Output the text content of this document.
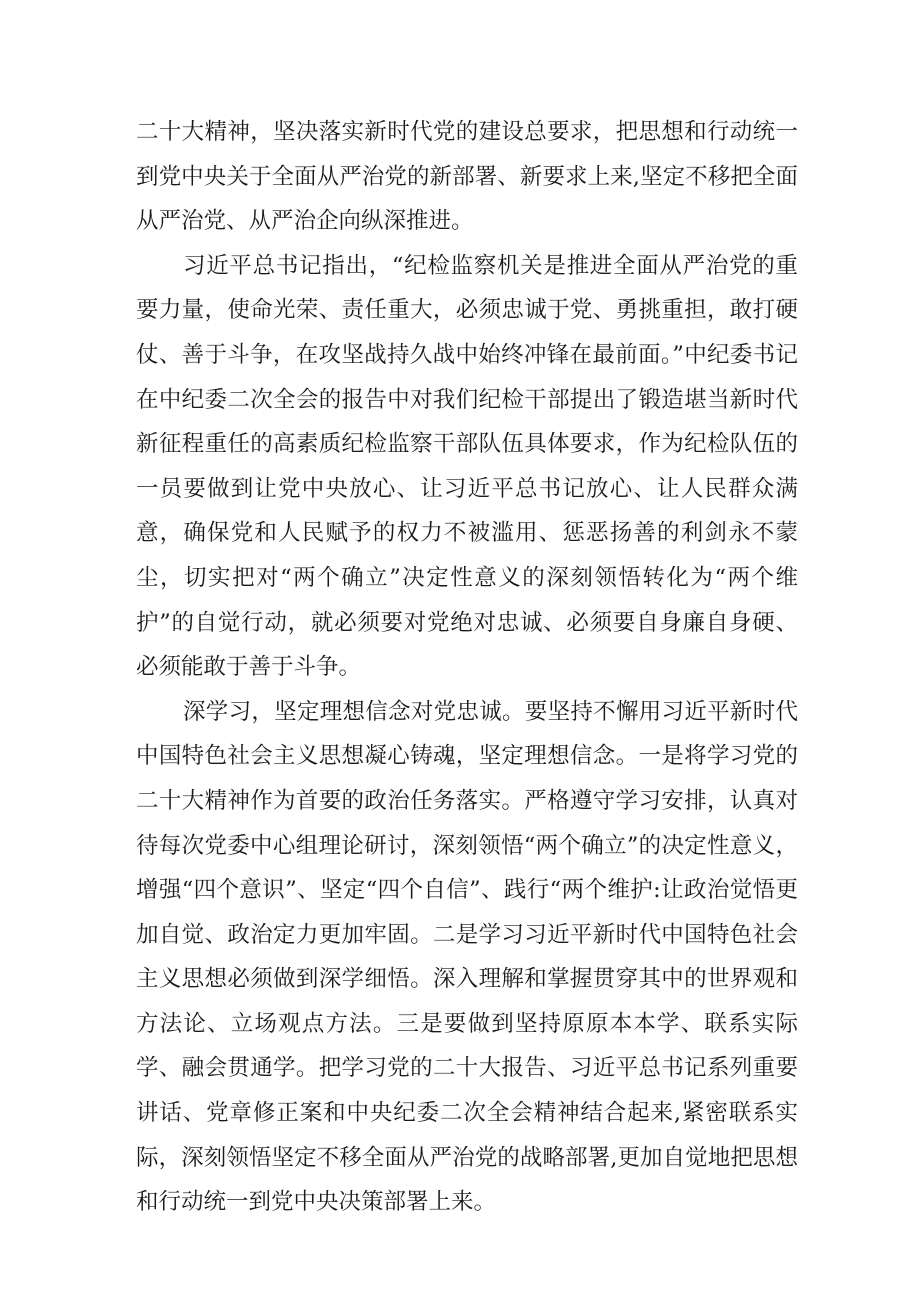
二十大精神，坚决落实新时代党的建设总要求，把思想和行动统一到党中央关于全面从严治党的新部署、新要求上来,坚定不移把全面从严治党、从严治企向纵深推进。

习近平总书记指出，“纪检监察机关是推进全面从严治党的重要力量，使命光荣、责任重大，必须忠诚于党、勇挑重担，敢打硬仗、善于斗争，在攻坚战持久战中始终冲锋在最前面。”中纪委书记在中纪委二次全会的报告中对我们纪检干部提出了锻造堪当新时代新征程重任的高素质纪检监察干部队伍具体要求，作为纪检队伍的一员要做到让党中央放心、让习近平总书记放心、让人民群众满意，确保党和人民赋予的权力不被滥用、惩恶扬善的利剑永不蒙尘，切实把对“两个确立”决定性意义的深刻领悟转化为“两个维护”的自觉行动，就必须要对党绝对忠诚、必须要自身廉自身硬、必须能敢于善于斗争。

深学习，坚定理想信念对党忠诚。要坚持不懈用习近平新时代中国特色社会主义思想凝心铸魂，坚定理想信念。一是将学习党的二十大精神作为首要的政治任务落实。严格遵守学习安排，认真对待每次党委中心组理论研讨，深刻领悟“两个确立”的决定性意义，增强“四个意识”、坚定“四个自信”、践行“两个维护:让政治觉悟更加自觉、政治定力更加牢固。二是学习习近平新时代中国特色社会主义思想必须做到深学细悟。深入理解和掌握贯穿其中的世界观和方法论、立场观点方法。三是要做到坚持原原本本学、联系实际学、融会贯通学。把学习党的二十大报告、习近平总书记系列重要讲话、党章修正案和中央纪委二次全会精神结合起来,紧密联系实际，深刻领悟坚定不移全面从严治党的战略部署,更加自觉地把思想和行动统一到党中央决策部署上来。
